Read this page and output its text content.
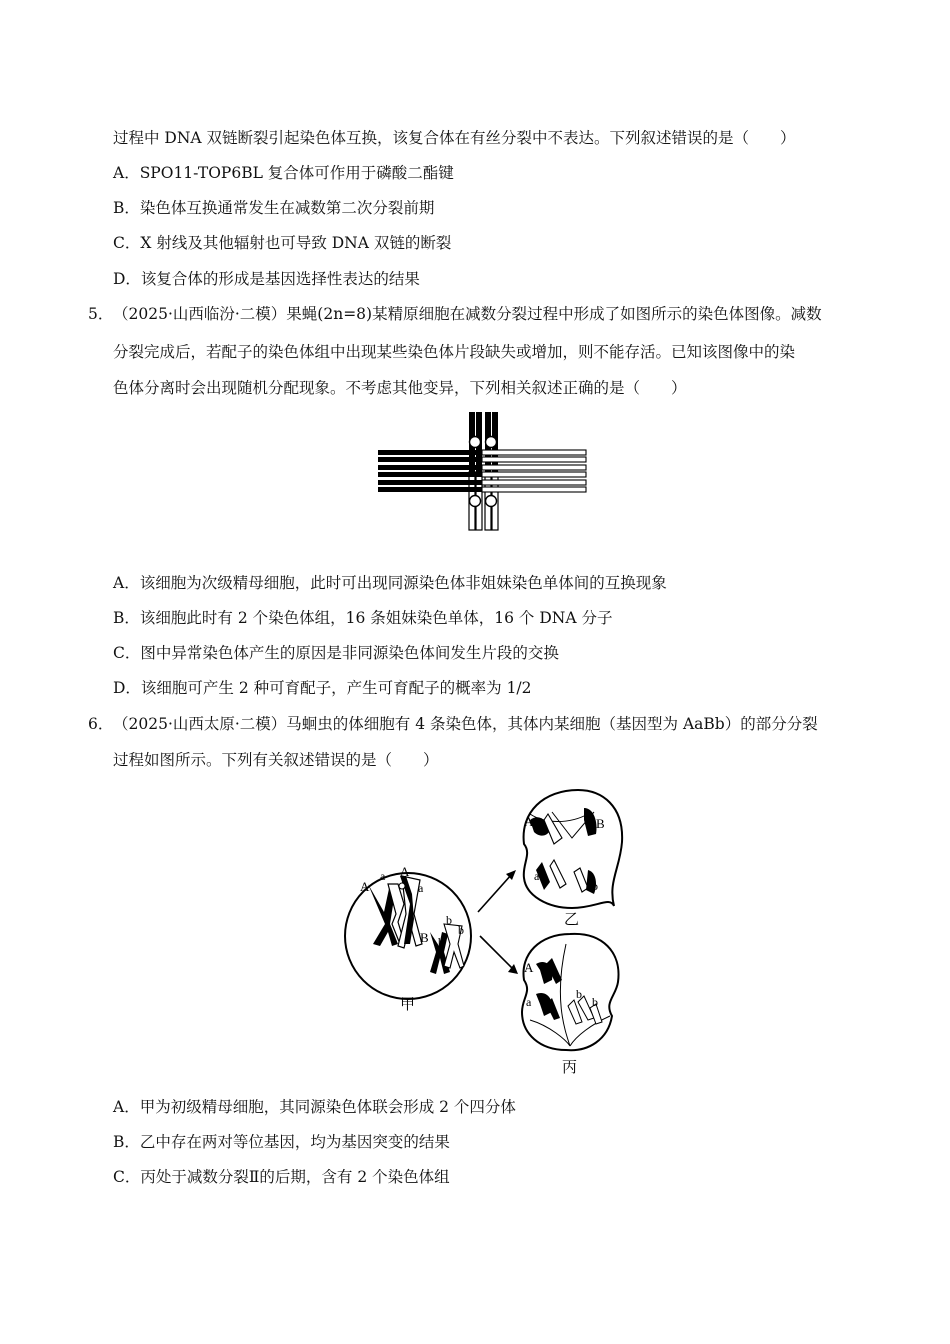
过程中 DNA 双链断裂引起染色体互换，该复合体在有丝分裂中不表达。下列叙述错误的是（　　）
A．SPO11-TOP6BL 复合体可作用于磷酸二酯键
B．染色体互换通常发生在减数第二次分裂前期
C．X 射线及其他辐射也可导致 DNA 双链的断裂
D．该复合体的形成是基因选择性表达的结果
5． （2025·山西临汾·二模）果蝇(2n=8)某精原细胞在减数分裂过程中形成了如图所示的染色体图像。减数
分裂完成后，若配子的染色体组中出现某些染色体片段缺失或增加，则不能存活。已知该图像中的染
色体分离时会出现随机分配现象。不考虑其他变异，下列相关叙述正确的是（　　）
A．该细胞为次级精母细胞，此时可出现同源染色体非姐妹染色单体间的互换现象
B．该细胞此时有 2 个染色体组，16 条姐妹染色单体，16 个 DNA 分子
C．图中异常染色体产生的原因是非同源染色体间发生片段的交换
D．该细胞可产生 2 种可育配子，产生可育配子的概率为 1/2
6． （2025·山西太原·二模）马蛔虫的体细胞有 4 条染色体，其体内某细胞（基因型为 AaBb）的部分分裂
过程如图所示。下列有关叙述错误的是（　　）
A
a A
a
B
b
b
b
甲
A	B
a
b
乙
A
a
b
b
丙
A．甲为初级精母细胞，其同源染色体联会形成 2 个四分体
B．乙中存在两对等位基因，均为基因突变的结果
C．丙处于减数分裂Ⅱ的后期，含有 2 个染色体组
